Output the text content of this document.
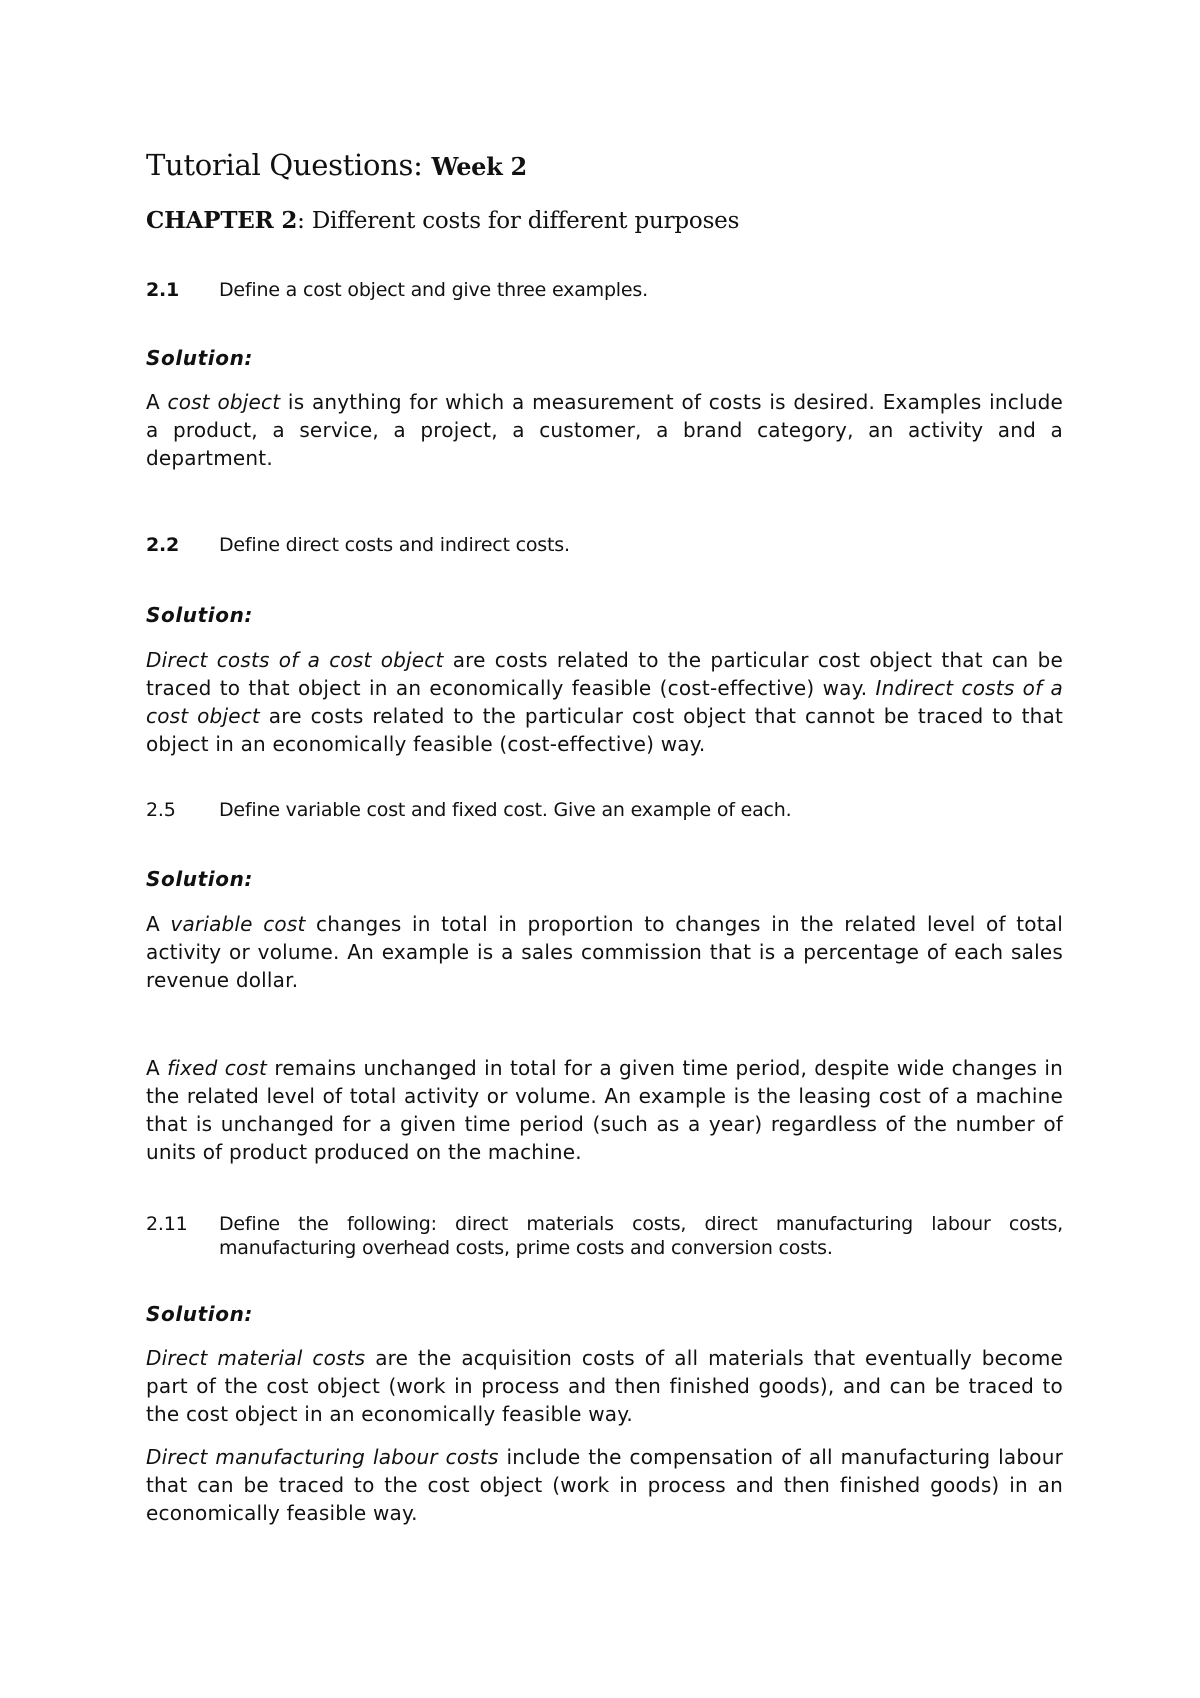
Tutorial Questions: Week 2
CHAPTER 2: Different costs for different purposes
2.1	Define a cost object and give three examples.
Solution:
A cost object is anything for which a measurement of costs is desired. Examples include a product, a service, a project, a customer, a brand category, an activity and a department.
2.2	Define direct costs and indirect costs.
Solution:
Direct costs of a cost object are costs related to the particular cost object that can be traced to that object in an economically feasible (cost-effective) way. Indirect costs of a cost object are costs related to the particular cost object that cannot be traced to that object in an economically feasible (cost-effective) way.
2.5	Define variable cost and fixed cost. Give an example of each.
Solution:
A variable cost changes in total in proportion to changes in the related level of total activity or volume. An example is a sales commission that is a percentage of each sales revenue dollar.
A fixed cost remains unchanged in total for a given time period, despite wide changes in the related level of total activity or volume. An example is the leasing cost of a machine that is unchanged for a given time period (such as a year) regardless of the number of units of product produced on the machine.
2.11	Define the following: direct materials costs, direct manufacturing labour costs, manufacturing overhead costs, prime costs and conversion costs.
Solution:
Direct material costs are the acquisition costs of all materials that eventually become part of the cost object (work in process and then finished goods), and can be traced to the cost object in an economically feasible way.
Direct manufacturing labour costs include the compensation of all manufacturing labour that can be traced to the cost object (work in process and then finished goods) in an economically feasible way.
